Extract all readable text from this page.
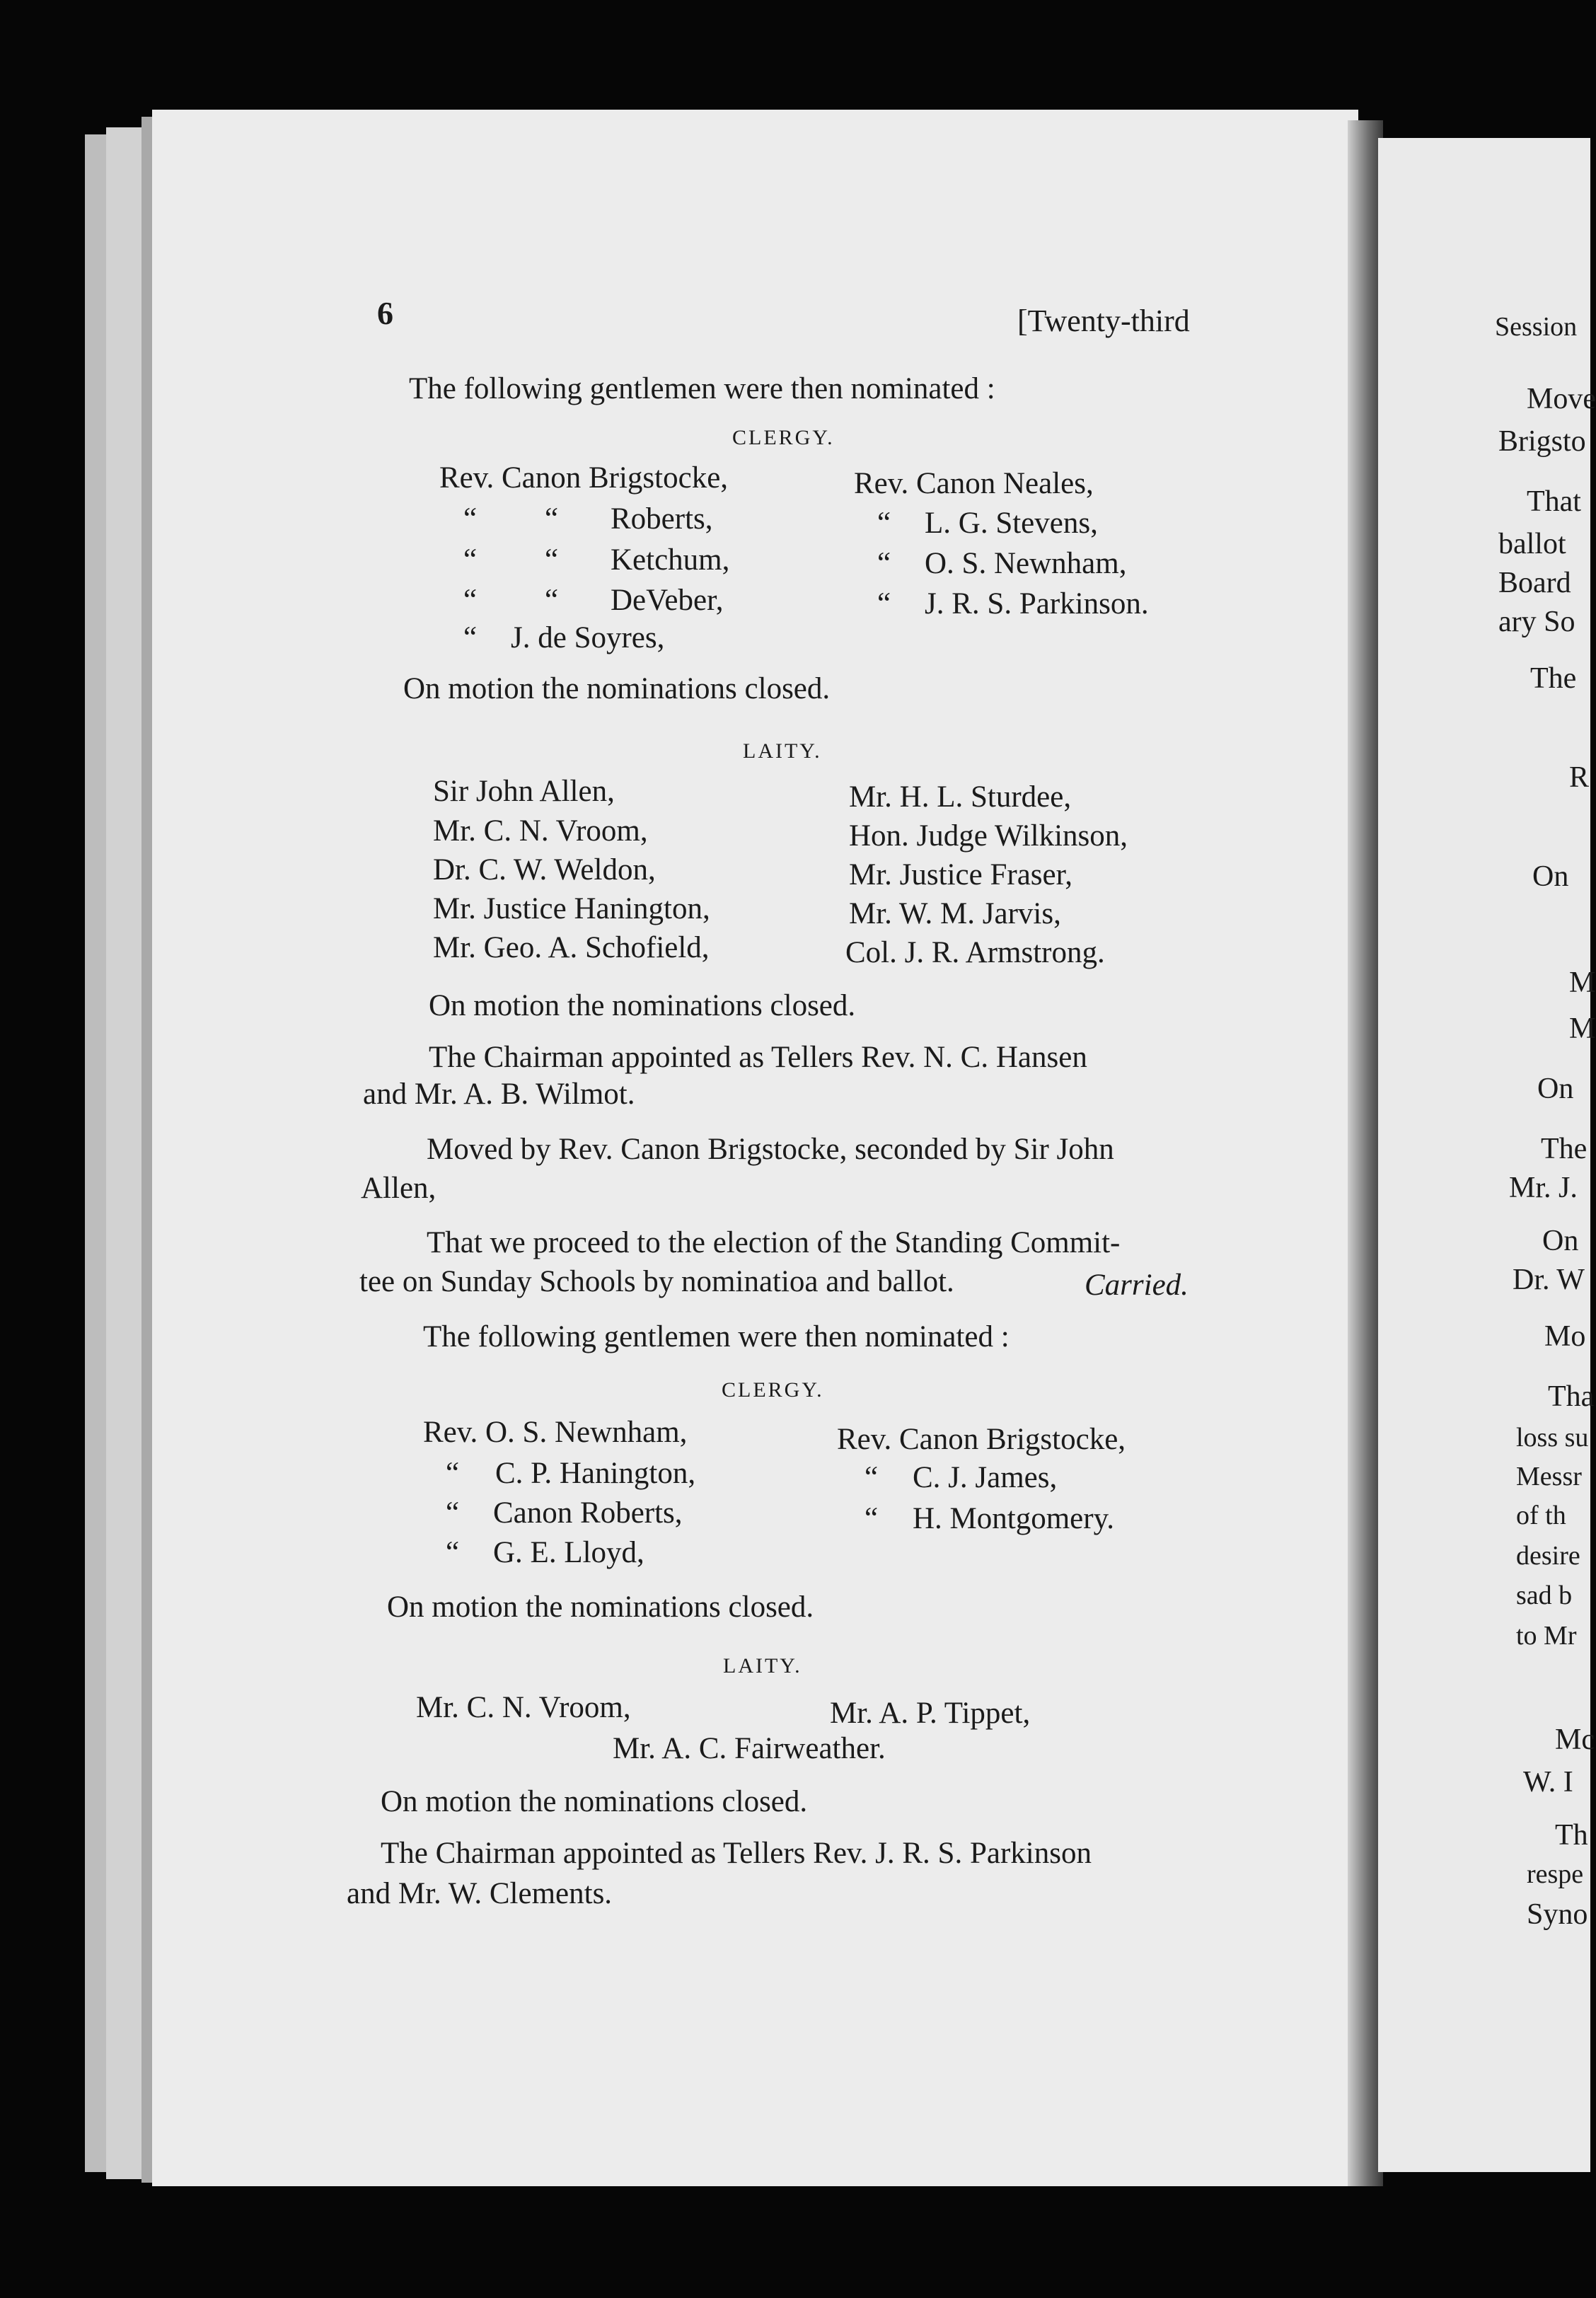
6	[Twenty-third
The following gentlemen were then nominated :
CLERGY.
Rev. Canon Brigstocke,	Rev. Canon Neales,
“ “ Roberts,	“ L. G. Stevens,
“ “ Ketchum,	“ O. S. Newnham,
“ “ DeVeber,	“ J. R. S. Parkinson.
“ J. de Soyres,
On motion the nominations closed.
LAITY.
Sir John Allen,	Mr. H. L. Sturdee,
Mr. C. N. Vroom,	Hon. Judge Wilkinson,
Dr. C. W. Weldon,	Mr. Justice Fraser,
Mr. Justice Hanington,	Mr. W. M. Jarvis,
Mr. Geo. A. Schofield,	Col. J. R. Armstrong.
On motion the nominations closed.
The Chairman appointed as Tellers Rev. N. C. Hansen
and Mr. A. B. Wilmot.
Moved by Rev. Canon Brigstocke, seconded by Sir John
Allen,
That we proceed to the election of the Standing Commit-
tee on Sunday Schools by nominatioa and ballot.	Carried.
The following gentlemen were then nominated :
CLERGY.
Rev. O. S. Newnham,	Rev. Canon Brigstocke,
“ C. P. Hanington,	“ C. J. James,
“ Canon Roberts,	“ H. Montgomery.
“ G. E. Lloyd,
On motion the nominations closed.
LAITY.
Mr. C. N. Vroom,	Mr. A. P. Tippet,
Mr. A. C. Fairweather.
On motion the nominations closed.
The Chairman appointed as Tellers Rev. J. R. S. Parkinson
and Mr. W. Clements.
Session
Move
Brigsto
That
ballot
Board
ary So
The
R
On
M
M
On
The
Mr. J.
On
Dr. W
Mo
Tha
loss su
Messr
of th
desire
sad b
to Mr
Mc
W. I
Th
respe
Syno
